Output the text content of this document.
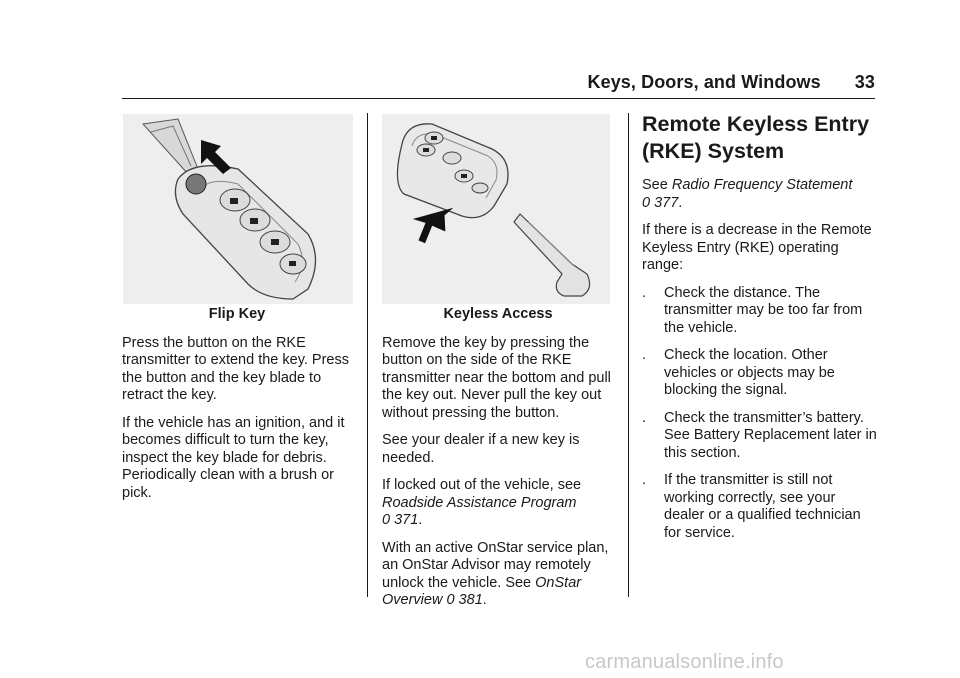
Keys, Doors, and Windows 33
Flip Key

Press the button on the RKE transmitter to extend the key. Press the button and the key blade to retract the key.

If the vehicle has an ignition, and it becomes difficult to turn the key, inspect the key blade for debris. Periodically clean with a brush or pick.

Keyless Access

Remove the key by pressing the button on the side of the RKE transmitter near the bottom and pull the key out. Never pull the key out without pressing the button.

See your dealer if a new key is needed.

If locked out of the vehicle, see
Roadside Assistance Program
0 371.

With an active OnStar service plan, an OnStar Advisor may remotely unlock the vehicle. See OnStar Overview 0 381.

Remote Keyless Entry (RKE) System

See Radio Frequency Statement
0 377.

If there is a decrease in the Remote Keyless Entry (RKE) operating range:

.	Check the distance. The transmitter may be too far from the vehicle.
.	Check the location. Other vehicles or objects may be blocking the signal.
.	Check the transmitter’s battery. See Battery Replacement later in this section.
.	If the transmitter is still not working correctly, see your dealer or a qualified technician for service.
carmanualsonline.info
